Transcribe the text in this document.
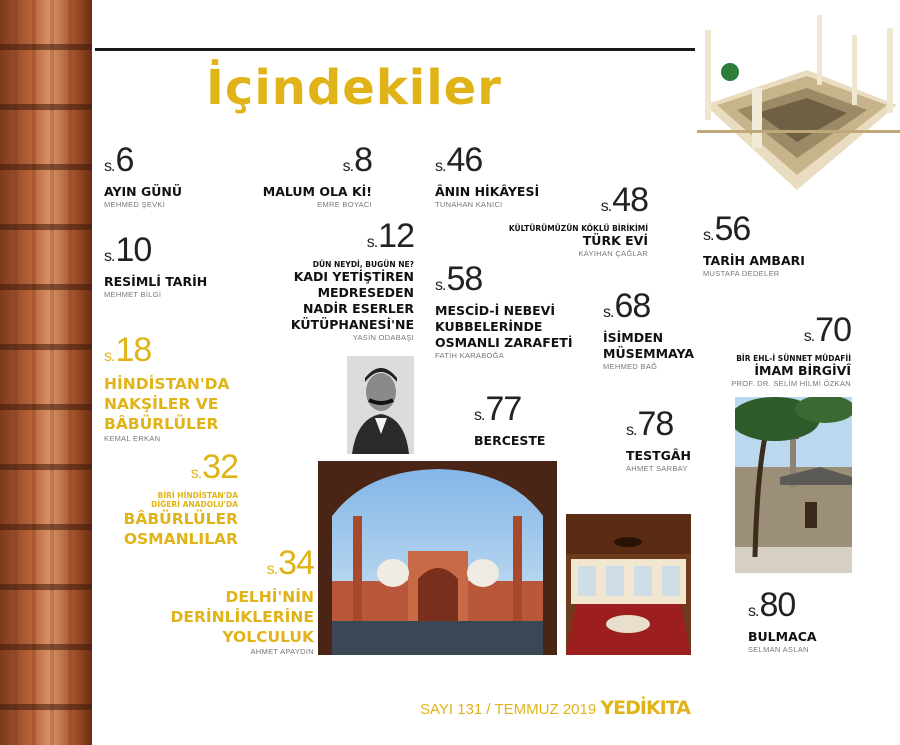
İçindekiler
s.6
AYIN GÜNÜ
MEHMED ŞEVKİ
s.8
MALUM OLA Kİ!
EMRE BOYACI
s.46
ÂNIN HİKÂYESİ
TUNAHAN KANICI	s.48
KÜLTÜRÜMÜZÜN KÖKLÜ BİRİKİMİ
TÜRK EVİ
KAYIHAN ÇAĞLAR
s.56
TARİH AMBARI
MUSTAFA DEDELER
s.10
RESİMLİ TARİH
MEHMET BİLGİ
s.12
DÜN NEYDİ, BUGÜN NE?
KADI YETİŞTİREN
MEDRESEDEN
NADİR ESERLER
KÜTÜPHANESİ'NE
YASİN ODABAŞI
s.58
MESCİD-İ NEBEVİ
KUBBELERİNDE
OSMANLI ZARAFETİ
FATİH KARABOĞA
s.68
İSİMDEN
MÜSEMMAYA
MEHMED BAĞ
s.70
BİR EHL-İ SÜNNET MÜDAFİİ
İMAM BİRGİVÎ
PROF. DR. SELİM HİLMİ ÖZKAN
s.18
HİNDİSTAN'DA
NAKŞİLER VE
BÂBÜRLÜLER
KEMAL ERKAN
s.77
BERCESTE
s.78
TESTGÂH
AHMET SARBAY
s.32
BİRİ HİNDİSTAN'DA
DİĞERİ ANADOLU'DA
BÂBÜRLÜLER
OSMANLILAR
s.34
DELHİ'NİN
DERİNLİKLERİNE
YOLCULUK
AHMET APAYDIN
s.80
BULMACA
SELMAN ASLAN
SAYI 131 / TEMMUZ 2019 YEDİKITA
